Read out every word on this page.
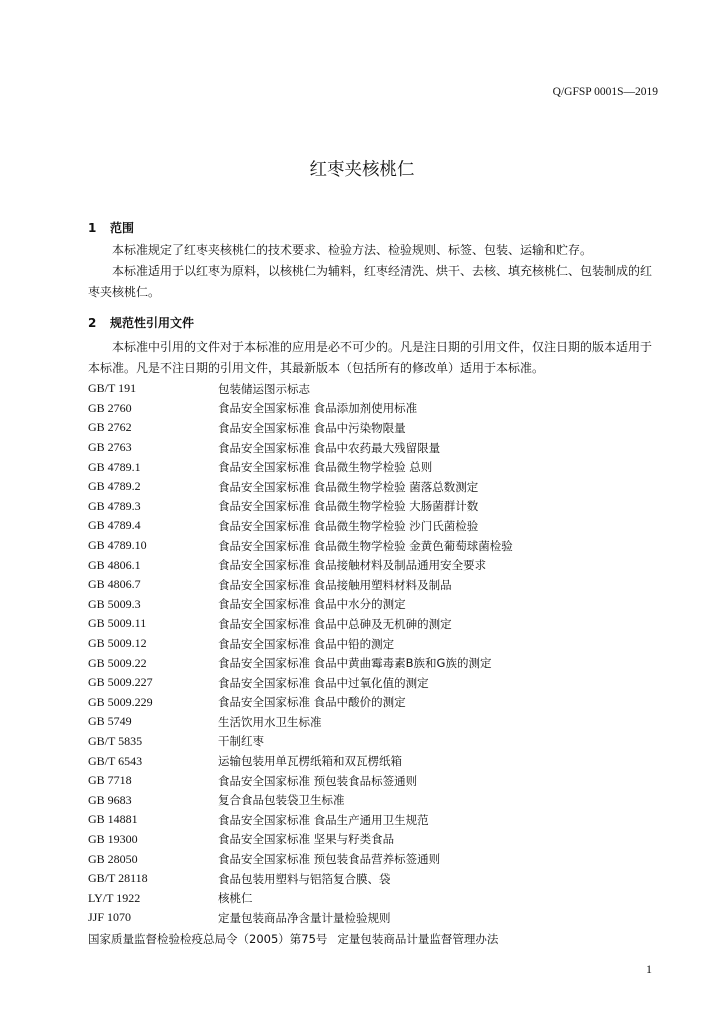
Q/GFSP 0001S—2019
红枣夹核桃仁
1 范围
本标准规定了红枣夹核桃仁的技术要求、检验方法、检验规则、标签、包装、运输和贮存。
本标准适用于以红枣为原料，以核桃仁为辅料，红枣经清洗、烘干、去核、填充核桃仁、包装制成的红枣夹核桃仁。
2 规范性引用文件
本标准中引用的文件对于本标准的应用是必不可少的。凡是注日期的引用文件，仅注日期的版本适用于本标准。凡是不注日期的引用文件，其最新版本（包括所有的修改单）适用于本标准。
GB/T 191	包装储运图示标志
GB 2760	食品安全国家标准 食品添加剂使用标准
GB 2762	食品安全国家标准 食品中污染物限量
GB 2763	食品安全国家标准 食品中农药最大残留限量
GB 4789.1	食品安全国家标准 食品微生物学检验 总则
GB 4789.2	食品安全国家标准 食品微生物学检验 菌落总数测定
GB 4789.3	食品安全国家标准 食品微生物学检验 大肠菌群计数
GB 4789.4	食品安全国家标准 食品微生物学检验 沙门氏菌检验
GB 4789.10	食品安全国家标准 食品微生物学检验 金黄色葡萄球菌检验
GB 4806.1	食品安全国家标准 食品接触材料及制品通用安全要求
GB 4806.7	食品安全国家标准 食品接触用塑料材料及制品
GB 5009.3	食品安全国家标准 食品中水分的测定
GB 5009.11	食品安全国家标准 食品中总砷及无机砷的测定
GB 5009.12	食品安全国家标准 食品中铅的测定
GB 5009.22	食品安全国家标准 食品中黄曲霉毒素B族和G族的测定
GB 5009.227	食品安全国家标准 食品中过氧化值的测定
GB 5009.229	食品安全国家标准 食品中酸价的测定
GB 5749	生活饮用水卫生标准
GB/T 5835	干制红枣
GB/T 6543	运输包装用单瓦楞纸箱和双瓦楞纸箱
GB 7718	食品安全国家标准 预包装食品标签通则
GB 9683	复合食品包装袋卫生标准
GB 14881	食品安全国家标准 食品生产通用卫生规范
GB 19300	食品安全国家标准 坚果与籽类食品
GB 28050	食品安全国家标准 预包装食品营养标签通则
GB/T 28118	食品包装用塑料与铝箔复合膜、袋
LY/T 1922	核桃仁
JJF 1070	定量包装商品净含量计量检验规则
国家质量监督检验检疫总局令（2005）第75号 定量包装商品计量监督管理办法
1
